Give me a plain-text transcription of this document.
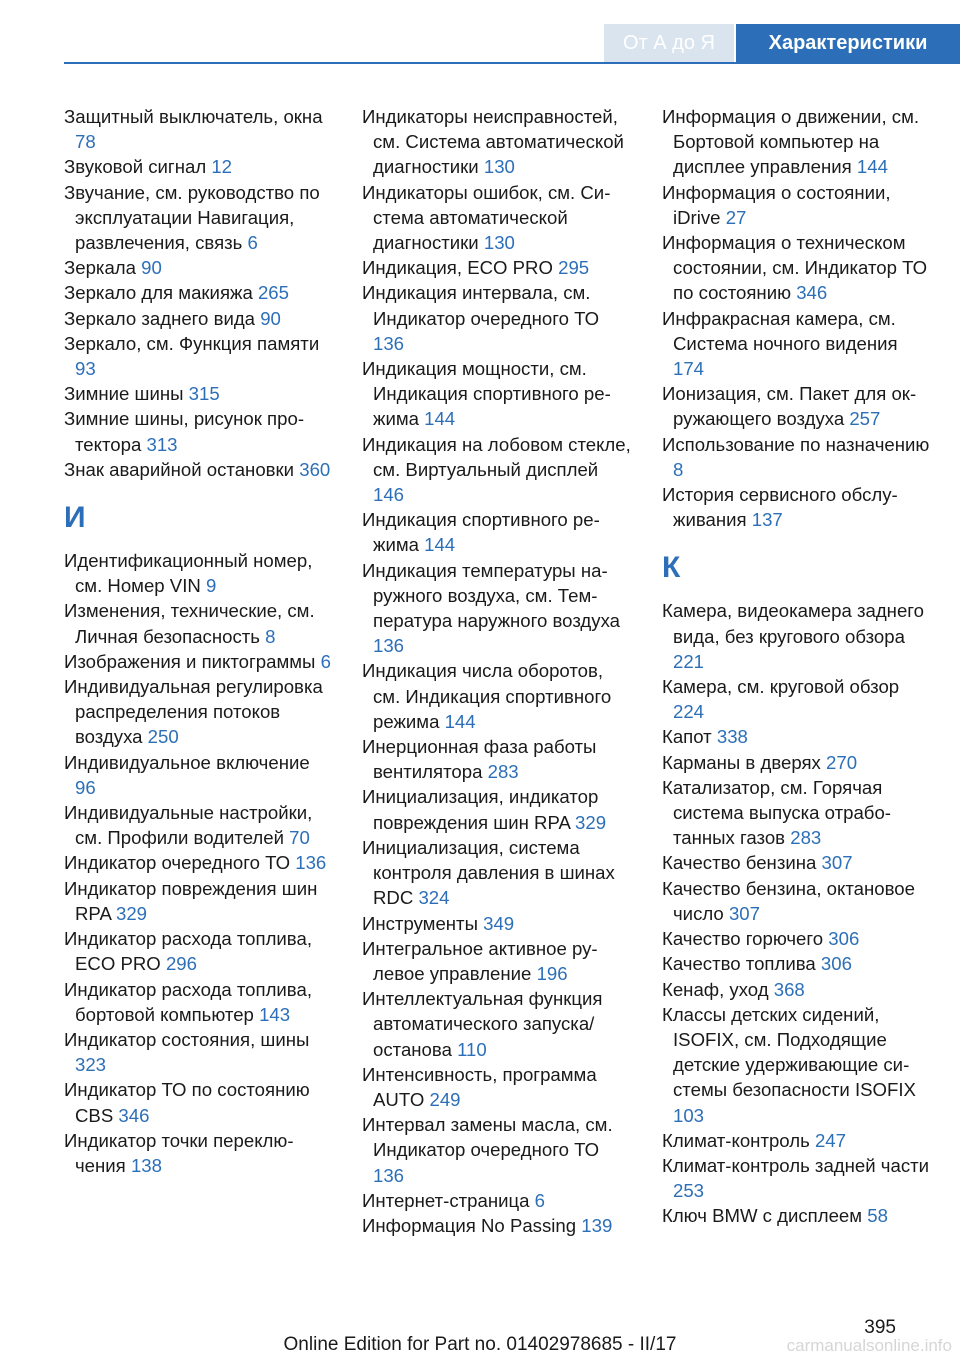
От А до Я	Характеристики
Защитный выключатель, окна 78
Звуковой сигнал 12
Звучание, см. руководство по эксплуатации Навигация, развлечения, связь 6
Зеркала 90
Зеркало для макияжа 265
Зеркало заднего вида 90
Зеркало, см. Функция памяти 93
Зимние шины 315
Зимние шины, рисунок протектора 313
Знак аварийной остановки 360
И
Идентификационный номер, см. Номер VIN 9
Изменения, технические, см. Личная безопасность 8
Изображения и пиктограммы 6
Индивидуальная регулировка распределения потоков воздуха 250
Индивидуальное включение 96
Индивидуальные настройки, см. Профили водителей 70
Индикатор очередного ТО 136
Индикатор повреждения шин RPA 329
Индикатор расхода топлива, ECO PRO 296
Индикатор расхода топлива, бортовой компьютер 143
Индикатор состояния, шины 323
Индикатор ТО по состоянию CBS 346
Индикатор точки переключения 138
Индикаторы неисправностей, см. Система автоматической диагностики 130
Индикаторы ошибок, см. Система автоматической диагностики 130
Индикация, ECO PRO 295
Индикация интервала, см. Индикатор очередного ТО 136
Индикация мощности, см. Индикация спортивного режима 144
Индикация на лобовом стекле, см. Виртуальный дисплей 146
Индикация спортивного режима 144
Индикация температуры наружного воздуха, см. Температура наружного воздуха 136
Индикация числа оборотов, см. Индикация спортивного режима 144
Инерционная фаза работы вентилятора 283
Инициализация, индикатор повреждения шин RPA 329
Инициализация, система контроля давления в шинах RDC 324
Инструменты 349
Интегральное активное рулевое управление 196
Интеллектуальная функция автоматического запуска/ останова 110
Интенсивность, программа AUTO 249
Интервал замены масла, см. Индикатор очередного ТО 136
Интернет-страница 6
Информация No Passing 139
Информация о движении, см. Бортовой компьютер на дисплее управления 144
Информация о состоянии, iDrive 27
Информация о техническом состоянии, см. Индикатор ТО по состоянию 346
Инфракрасная камера, см. Система ночного видения 174
Ионизация, см. Пакет для окружающего воздуха 257
Использование по назначению 8
История сервисного обслуживания 137
К
Камера, видеокамера заднего вида, без кругового обзора 221
Камера, см. круговой обзор 224
Капот 338
Карманы в дверях 270
Катализатор, см. Горячая система выпуска отработанных газов 283
Качество бензина 307
Качество бензина, октановое число 307
Качество горючего 306
Качество топлива 306
Кенаф, уход 368
Классы детских сидений, ISOFIX, см. Подходящие детские удерживающие системы безопасности ISOFIX 103
Климат-контроль 247
Климат-контроль задней части 253
Ключ BMW с дисплеем 58
395
Online Edition for Part no. 01402978685 - II/17	carmanualsonline.info
